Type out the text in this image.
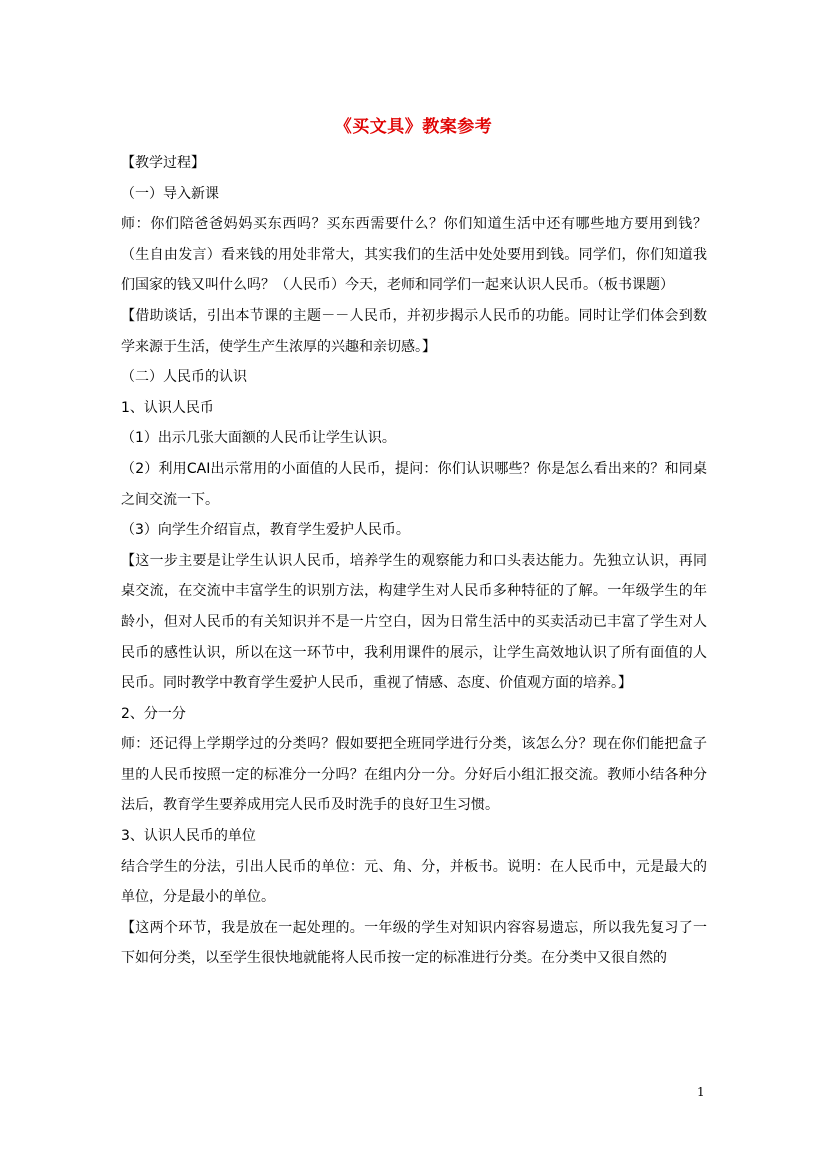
《买文具》教案参考

【教学过程】

（一）导入新课

师：你们陪爸爸妈妈买东西吗？买东西需要什么？你们知道生活中还有哪些地方要用到钱？（生自由发言）看来钱的用处非常大，其实我们的生活中处处要用到钱。同学们，你们知道我们国家的钱又叫什么吗？（人民币）今天，老师和同学们一起来认识人民币。（板书课题）

【借助谈话，引出本节课的主题－－人民币，并初步揭示人民币的功能。同时让学们体会到数学来源于生活，使学生产生浓厚的兴趣和亲切感。】

（二）人民币的认识

1、认识人民币

（1）出示几张大面额的人民币让学生认识。

（2）利用CAI出示常用的小面值的人民币，提问：你们认识哪些？你是怎么看出来的？和同桌之间交流一下。

（3）向学生介绍盲点，教育学生爱护人民币。

【这一步主要是让学生认识人民币，培养学生的观察能力和口头表达能力。先独立认识，再同桌交流，在交流中丰富学生的识别方法，构建学生对人民币多种特征的了解。一年级学生的年龄小，但对人民币的有关知识并不是一片空白，因为日常生活中的买卖活动已丰富了学生对人民币的感性认识，所以在这一环节中，我利用课件的展示，让学生高效地认识了所有面值的人民币。同时教学中教育学生爱护人民币，重视了情感、态度、价值观方面的培养。】

2、分一分

师：还记得上学期学过的分类吗？假如要把全班同学进行分类，该怎么分？现在你们能把盒子里的人民币按照一定的标准分一分吗？在组内分一分。分好后小组汇报交流。教师小结各种分法后，教育学生要养成用完人民币及时洗手的良好卫生习惯。

3、认识人民币的单位

结合学生的分法，引出人民币的单位：元、角、分，并板书。说明：在人民币中，元是最大的单位，分是最小的单位。

【这两个环节，我是放在一起处理的。一年级的学生对知识内容容易遗忘，所以我先复习了一下如何分类，以至学生很快地就能将人民币按一定的标准进行分类。在分类中又很自然的

1
